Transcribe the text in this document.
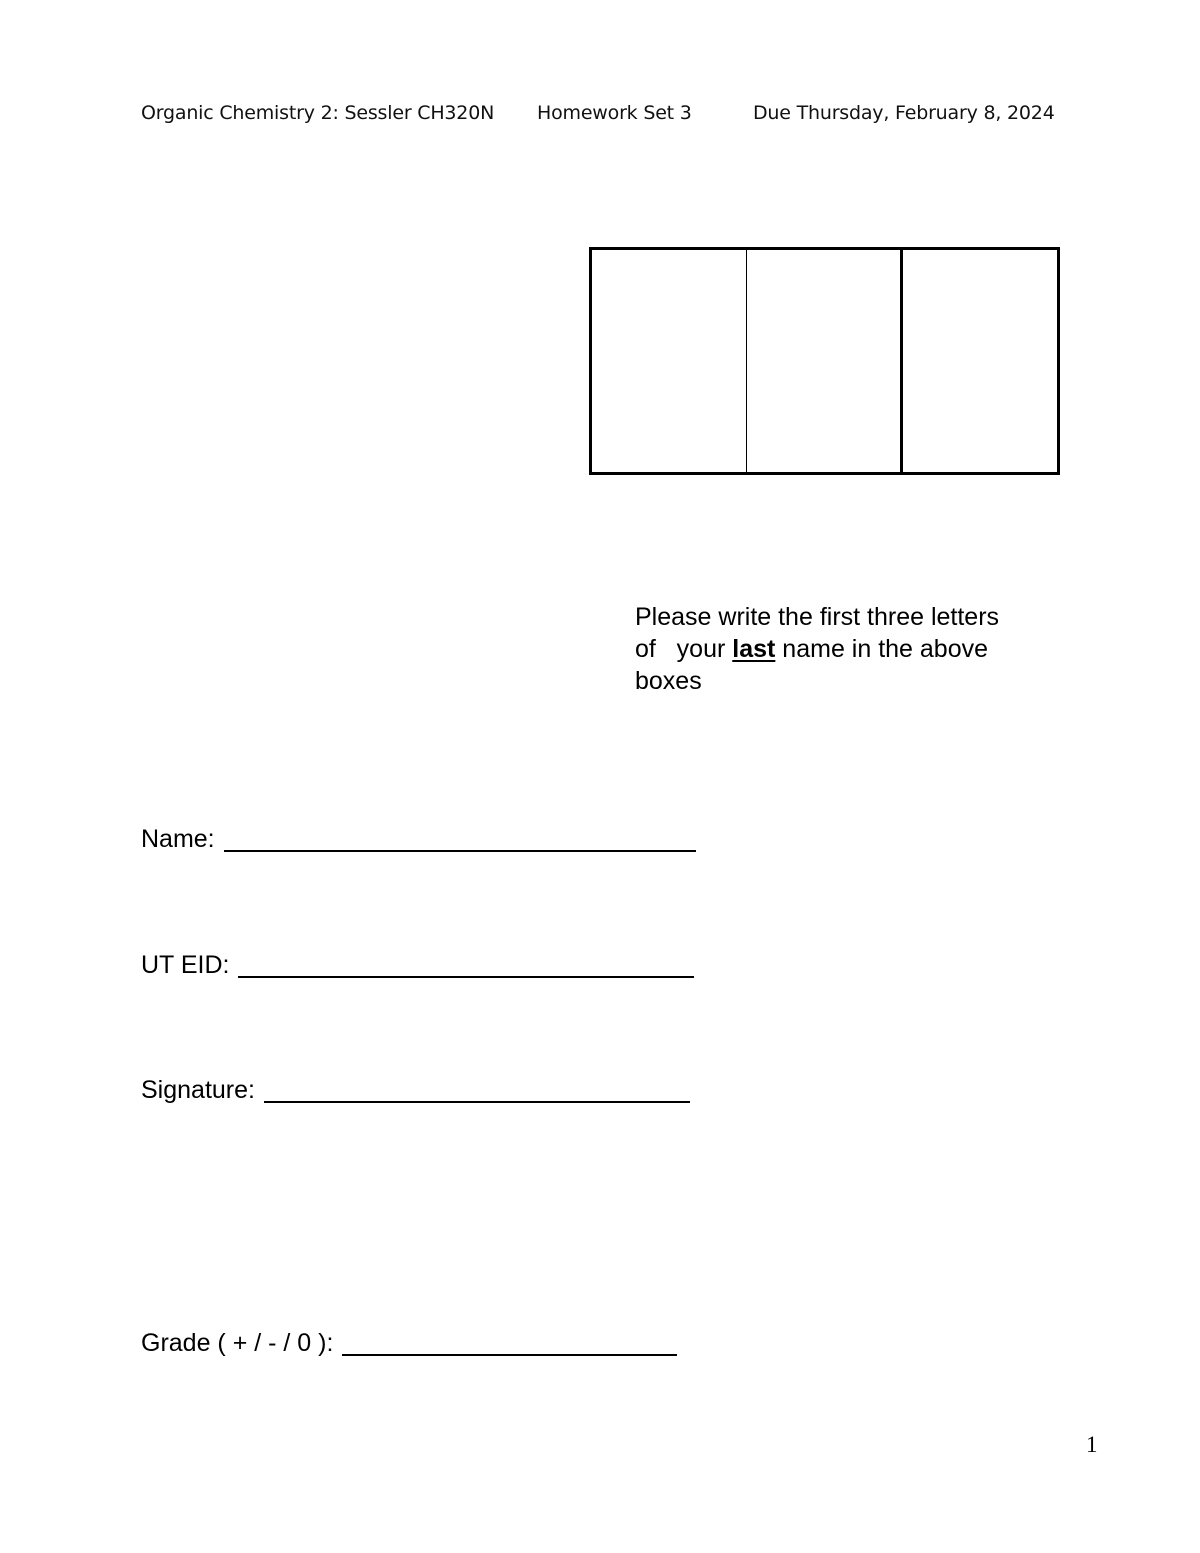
Organic Chemistry 2: Sessler CH320N Homework Set 3	Due Thursday, February 8, 2024
Please write the first three letters
of   your last name in the above
boxes
Name:
UT EID:
Signature:
Grade ( + / - / 0 ):
1
